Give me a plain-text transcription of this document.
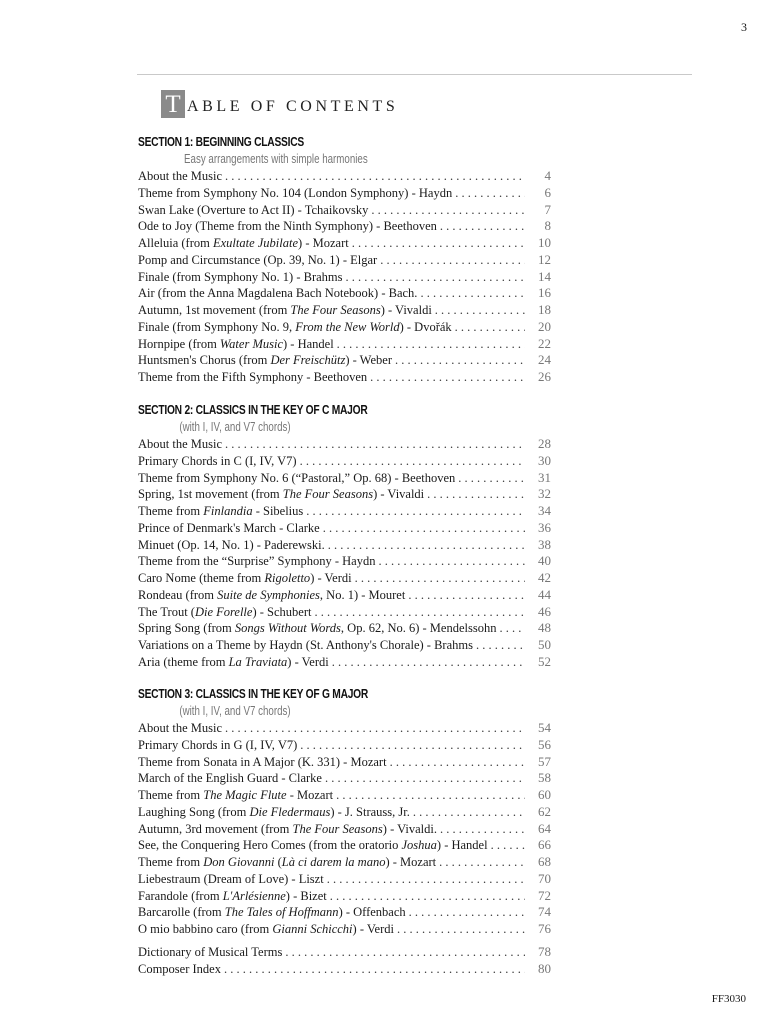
3
T ABLE OF CONTENTS
SECTION 1: BEGINNING CLASSICS
Easy arrangements with simple harmonies
About the Music . . .	4
Theme from Symphony No. 104 (London Symphony) - Haydn . . .	6
Swan Lake (Overture to Act II) - Tchaikovsky . . .	7
Ode to Joy (Theme from the Ninth Symphony) - Beethoven . . .	8
Alleluia (from Exultate Jubilate) - Mozart . . .	10
Pomp and Circumstance (Op. 39, No. 1) - Elgar . . .	12
Finale (from Symphony No. 1) - Brahms . . .	14
Air (from the Anna Magdalena Bach Notebook) - Bach. . . .	16
Autumn, 1st movement (from The Four Seasons) - Vivaldi . . .	18
Finale (from Symphony No. 9, From the New World) - Dvořák . . .	20
Hornpipe (from Water Music) - Handel . . .	22
Huntsmen's Chorus (from Der Freischütz) - Weber . . .	24
Theme from the Fifth Symphony - Beethoven . . .	26
SECTION 2: CLASSICS IN THE KEY OF C MAJOR
(with I, IV, and V7 chords)
About the Music . . .	28
Primary Chords in C (I, IV, V7) . . .	30
Theme from Symphony No. 6 (“Pastoral,” Op. 68) - Beethoven . . .	31
Spring, 1st movement (from The Four Seasons) - Vivaldi . . .	32
Theme from Finlandia - Sibelius . . .	34
Prince of Denmark's March - Clarke . . .	36
Minuet (Op. 14, No. 1) - Paderewski. . . .	38
Theme from the “Surprise” Symphony - Haydn . . .	40
Caro Nome (theme from Rigoletto) - Verdi . . .	42
Rondeau (from Suite de Symphonies, No. 1) - Mouret . . .	44
The Trout (Die Forelle) - Schubert . . .	46
Spring Song (from Songs Without Words, Op. 62, No. 6) - Mendelssohn . . .	48
Variations on a Theme by Haydn (St. Anthony's Chorale) - Brahms . . .	50
Aria (theme from La Traviata) - Verdi . . .	52
SECTION 3: CLASSICS IN THE KEY OF G MAJOR
(with I, IV, and V7 chords)
About the Music . . .	54
Primary Chords in G (I, IV, V7) . . .	56
Theme from Sonata in A Major (K. 331) - Mozart . . .	57
March of the English Guard - Clarke . . .	58
Theme from The Magic Flute - Mozart . . .	60
Laughing Song (from Die Fledermaus) - J. Strauss, Jr. . . .	62
Autumn, 3rd movement (from The Four Seasons) - Vivaldi. . . .	64
See, the Conquering Hero Comes (from the oratorio Joshua) - Handel . . .	66
Theme from Don Giovanni (Là ci darem la mano) - Mozart . . .	68
Liebestraum (Dream of Love) - Liszt . . .	70
Farandole (from L'Arlésienne) - Bizet . . .	72
Barcarolle (from The Tales of Hoffmann) - Offenbach . . .	74
O mio babbino caro (from Gianni Schicchi) - Verdi . . .	76
Dictionary of Musical Terms . . .	78
Composer Index . . .	80
FF3030
